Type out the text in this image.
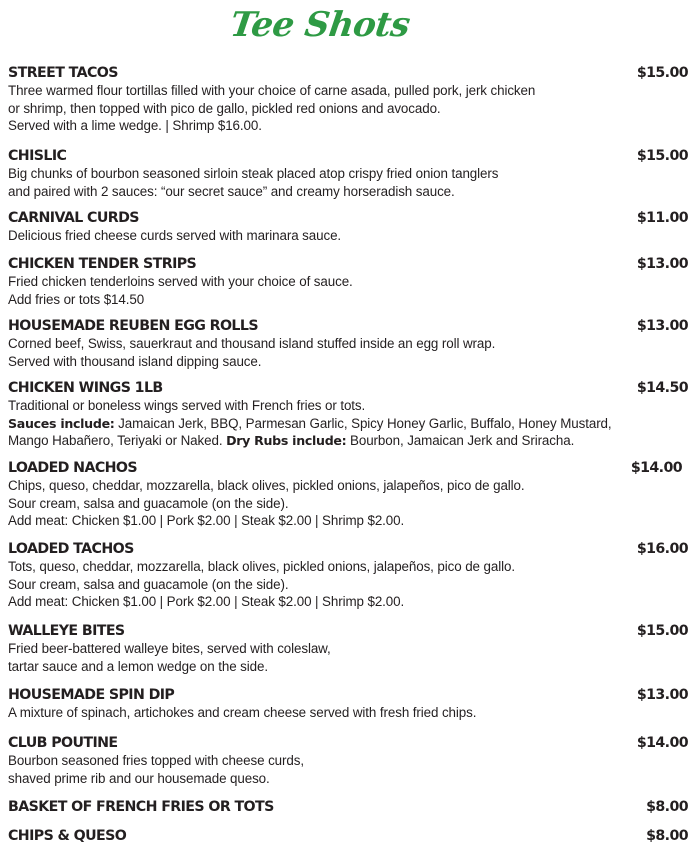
Tee Shots
STREET TACOS	$15.00
Three warmed flour tortillas filled with your choice of carne asada, pulled pork, jerk chicken
or shrimp, then topped with pico de gallo, pickled red onions and avocado.
Served with a lime wedge. | Shrimp $16.00.
CHISLIC	$15.00
Big chunks of bourbon seasoned sirloin steak placed atop crispy fried onion tanglers
and paired with 2 sauces: “our secret sauce” and creamy horseradish sauce.
CARNIVAL CURDS	$11.00
Delicious fried cheese curds served with marinara sauce.
CHICKEN TENDER STRIPS	$13.00
Fried chicken tenderloins served with your choice of sauce.
Add fries or tots $14.50
HOUSEMADE REUBEN EGG ROLLS	$13.00
Corned beef, Swiss, sauerkraut and thousand island stuffed inside an egg roll wrap.
Served with thousand island dipping sauce.
CHICKEN WINGS 1LB	$14.50
Traditional or boneless wings served with French fries or tots.
Sauces include: Jamaican Jerk, BBQ, Parmesan Garlic, Spicy Honey Garlic, Buffalo, Honey Mustard,
Mango Habañero, Teriyaki or Naked. Dry Rubs include: Bourbon, Jamaican Jerk and Sriracha.
LOADED NACHOS	$14.00
Chips, queso, cheddar, mozzarella, black olives, pickled onions, jalapeños, pico de gallo.
Sour cream, salsa and guacamole (on the side).
Add meat: Chicken $1.00 | Pork $2.00 | Steak $2.00 | Shrimp $2.00.
LOADED TACHOS	$16.00
Tots, queso, cheddar, mozzarella, black olives, pickled onions, jalapeños, pico de gallo.
Sour cream, salsa and guacamole (on the side).
Add meat: Chicken $1.00 | Pork $2.00 | Steak $2.00 | Shrimp $2.00.
WALLEYE BITES	$15.00
Fried beer-battered walleye bites, served with coleslaw,
tartar sauce and a lemon wedge on the side.
HOUSEMADE SPIN DIP	$13.00
A mixture of spinach, artichokes and cream cheese served with fresh fried chips.
CLUB POUTINE	$14.00
Bourbon seasoned fries topped with cheese curds,
shaved prime rib and our housemade queso.
BASKET OF FRENCH FRIES OR TOTS	$8.00
CHIPS & QUESO	$8.00
